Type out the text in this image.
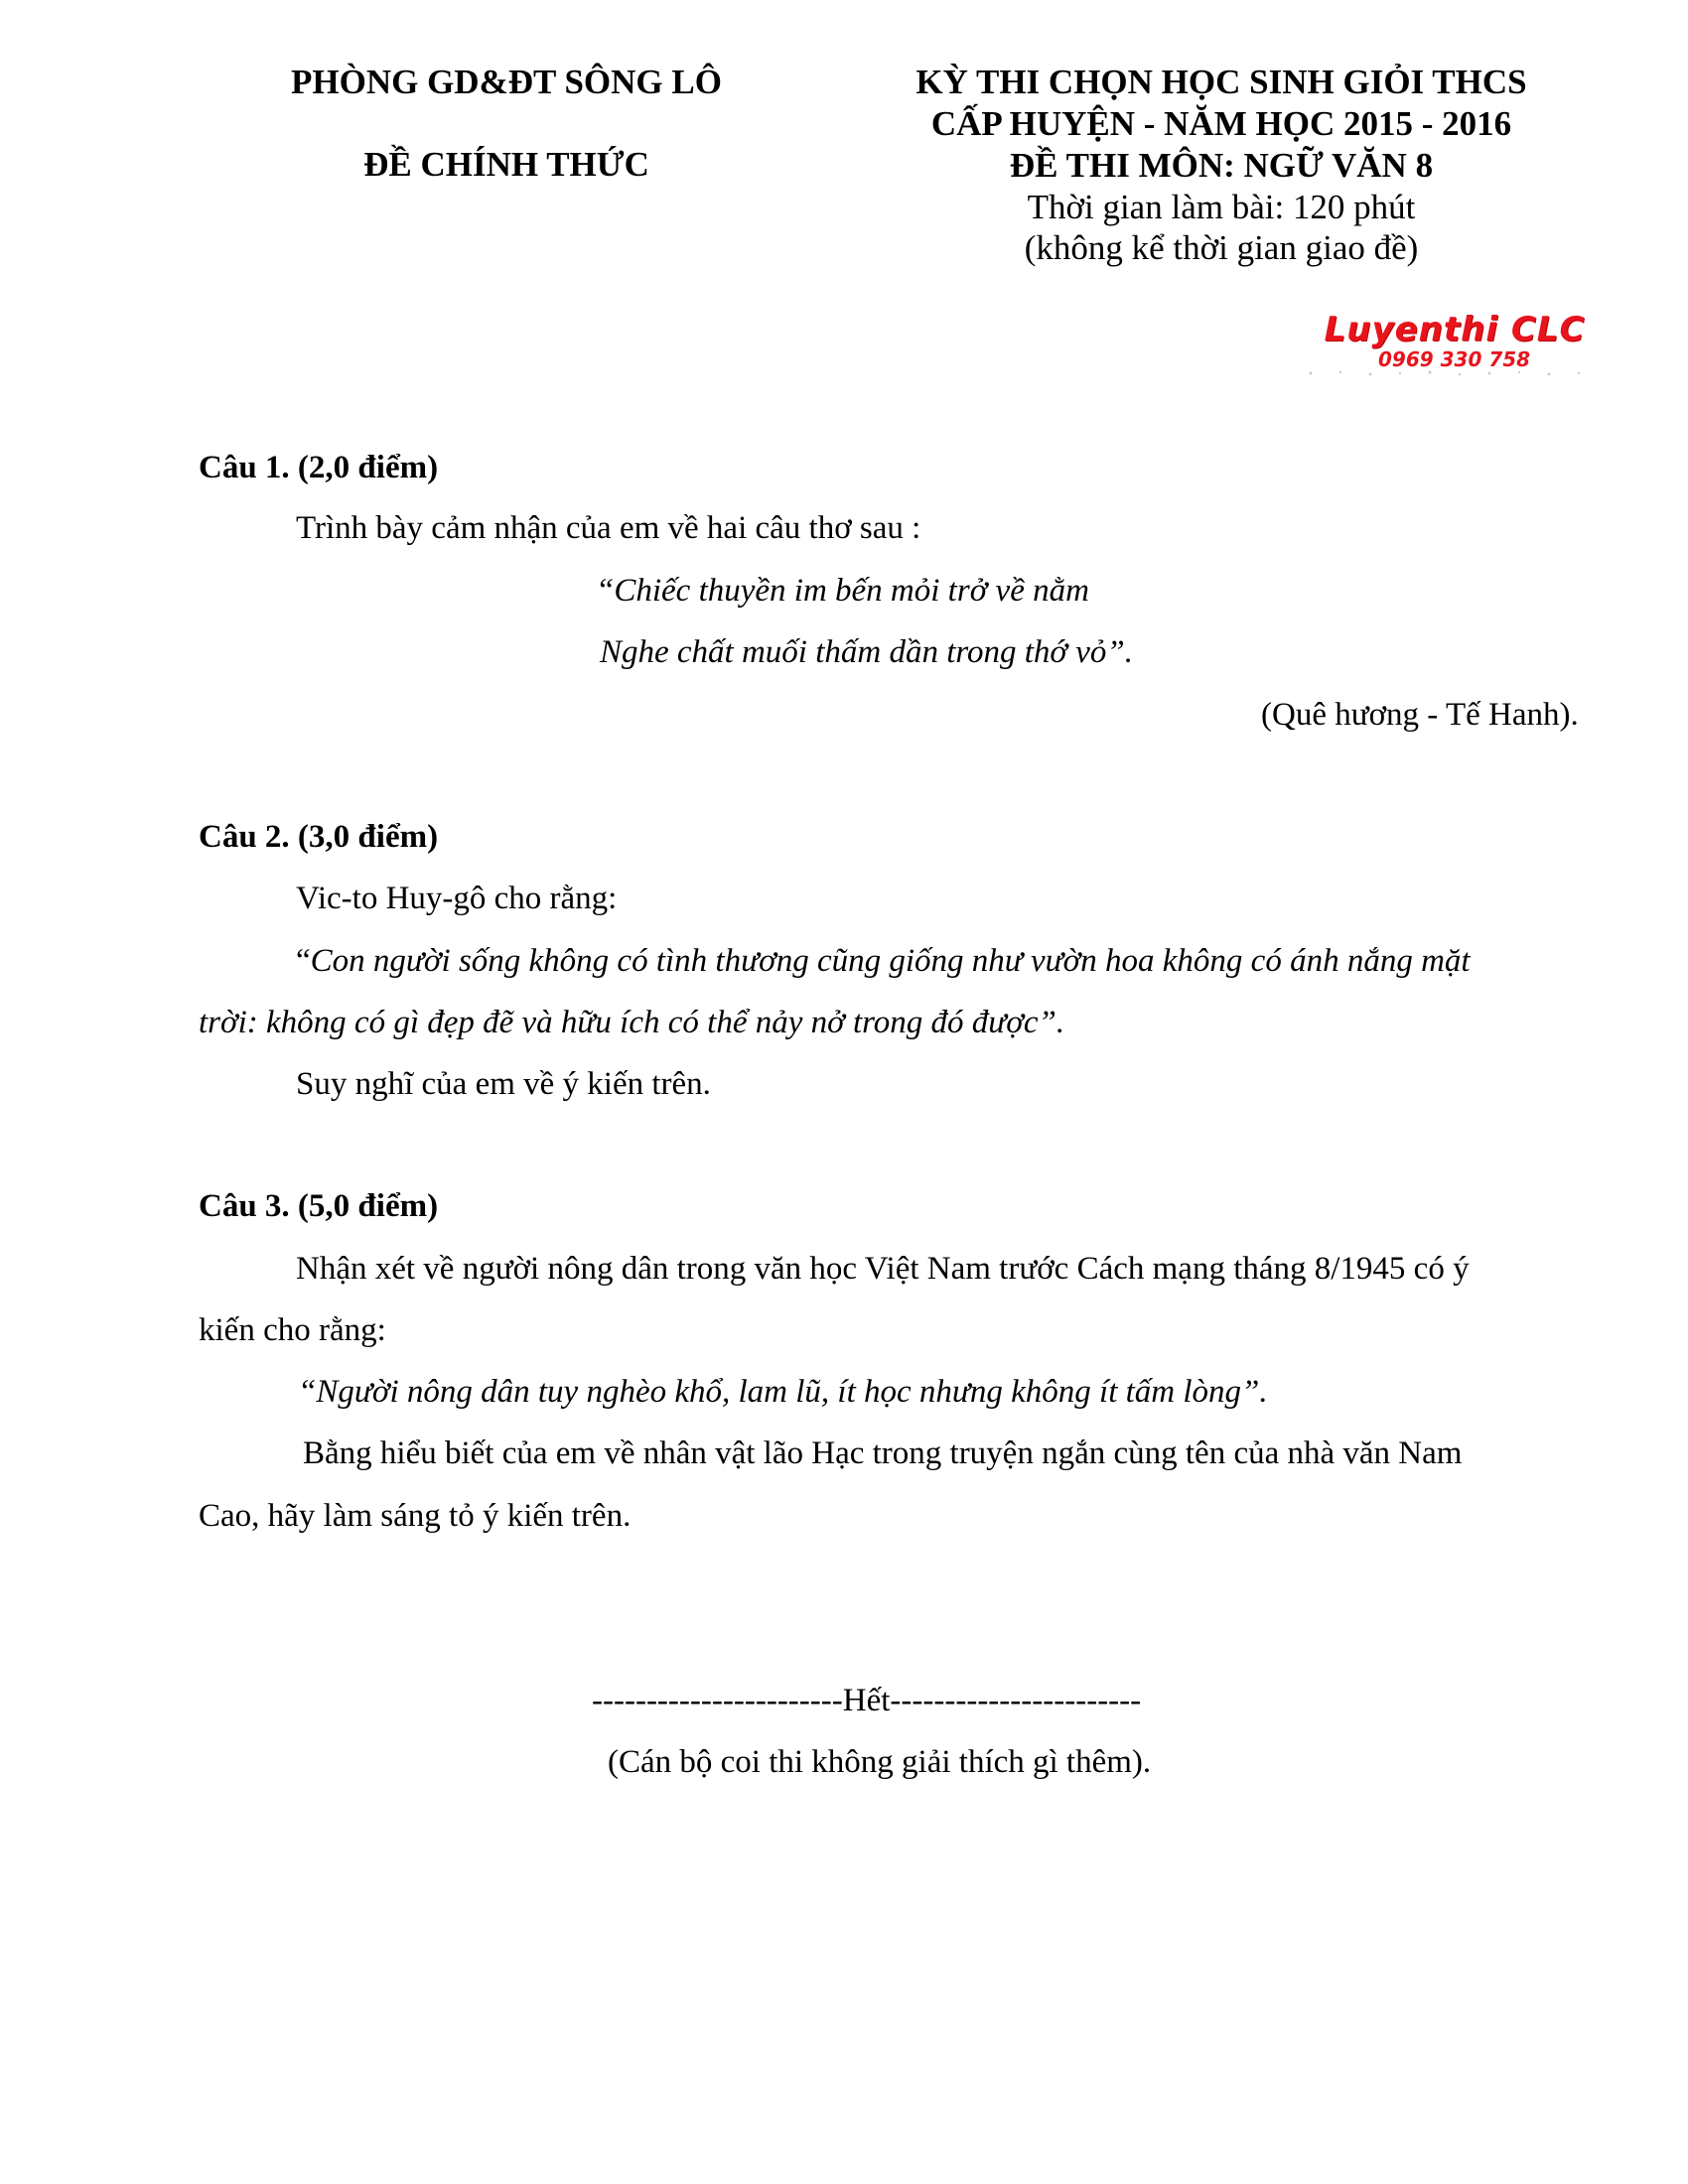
PHÒNG GD&ĐT SÔNG LÔ
ĐỀ CHÍNH THỨC
KỲ THI CHỌN HỌC SINH GIỎI THCS
CẤP HUYỆN - NĂM HỌC 2015 - 2016
ĐỀ THI MÔN: NGỮ VĂN 8
Thời gian làm bài: 120 phút
(không kể thời gian giao đề)
Luyenthi CLC
0969 330 758
Câu 1. (2,0 điểm)
Trình bày cảm nhận của em về hai câu thơ sau :
“Chiếc thuyền im bến mỏi trở về nằm
Nghe chất muối thấm dần trong thớ vỏ”.
(Quê hương - Tế Hanh).
Câu 2. (3,0 điểm)
Vic-to Huy-gô cho rằng:
“Con người sống không có tình thương cũng giống như vườn hoa không có ánh nắng mặt
trời: không có gì đẹp đẽ và hữu ích có thể nảy nở trong đó được”.
Suy nghĩ của em về ý kiến trên.
Câu 3. (5,0 điểm)
Nhận xét về người nông dân trong văn học Việt Nam trước Cách mạng tháng 8/1945 có ý
kiến cho rằng:
“Người nông dân tuy nghèo khổ, lam lũ, ít học nhưng không ít tấm lòng”.
Bằng hiểu biết của em về nhân vật lão Hạc trong truyện ngắn cùng tên của nhà văn Nam
Cao, hãy làm sáng tỏ ý kiến trên.
-----------------------Hết-----------------------
(Cán bộ coi thi không giải thích gì thêm).
